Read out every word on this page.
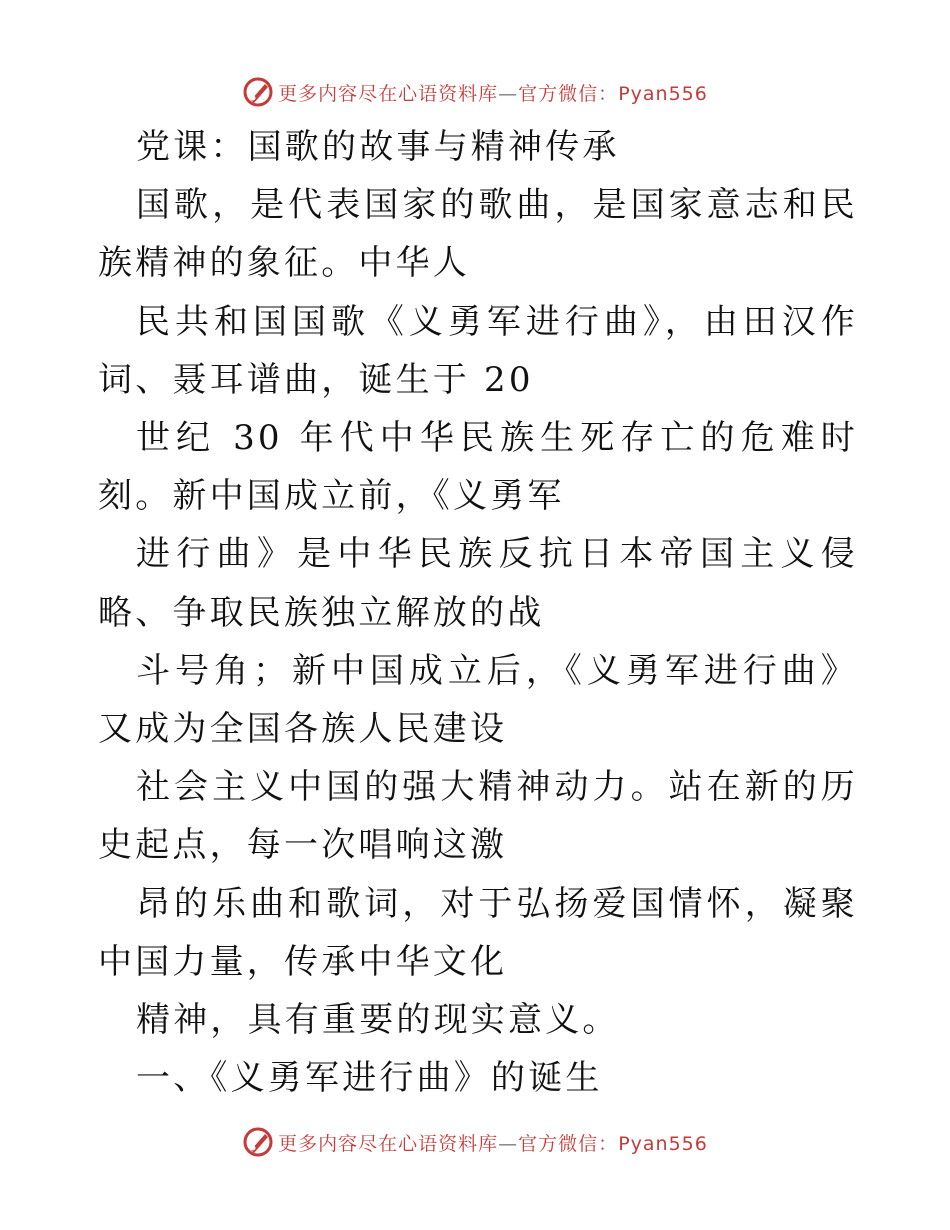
更多内容尽在心语资料库—官方微信：Pyan556

党课：国歌的故事与精神传承

国歌，是代表国家的歌曲，是国家意志和民族精神的象征。中华人

民共和国国歌《义勇军进行曲》，由田汉作词、聂耳谱曲，诞生于 20

世纪 30 年代中华民族生死存亡的危难时刻。新中国成立前，《义勇军

进行曲》是中华民族反抗日本帝国主义侵略、争取民族独立解放的战

斗号角；新中国成立后，《义勇军进行曲》又成为全国各族人民建设

社会主义中国的强大精神动力。站在新的历史起点，每一次唱响这激

昂的乐曲和歌词，对于弘扬爱国情怀，凝聚中国力量，传承中华文化

精神，具有重要的现实意义。

一、《义勇军进行曲》的诞生

更多内容尽在心语资料库—官方微信：Pyan556
